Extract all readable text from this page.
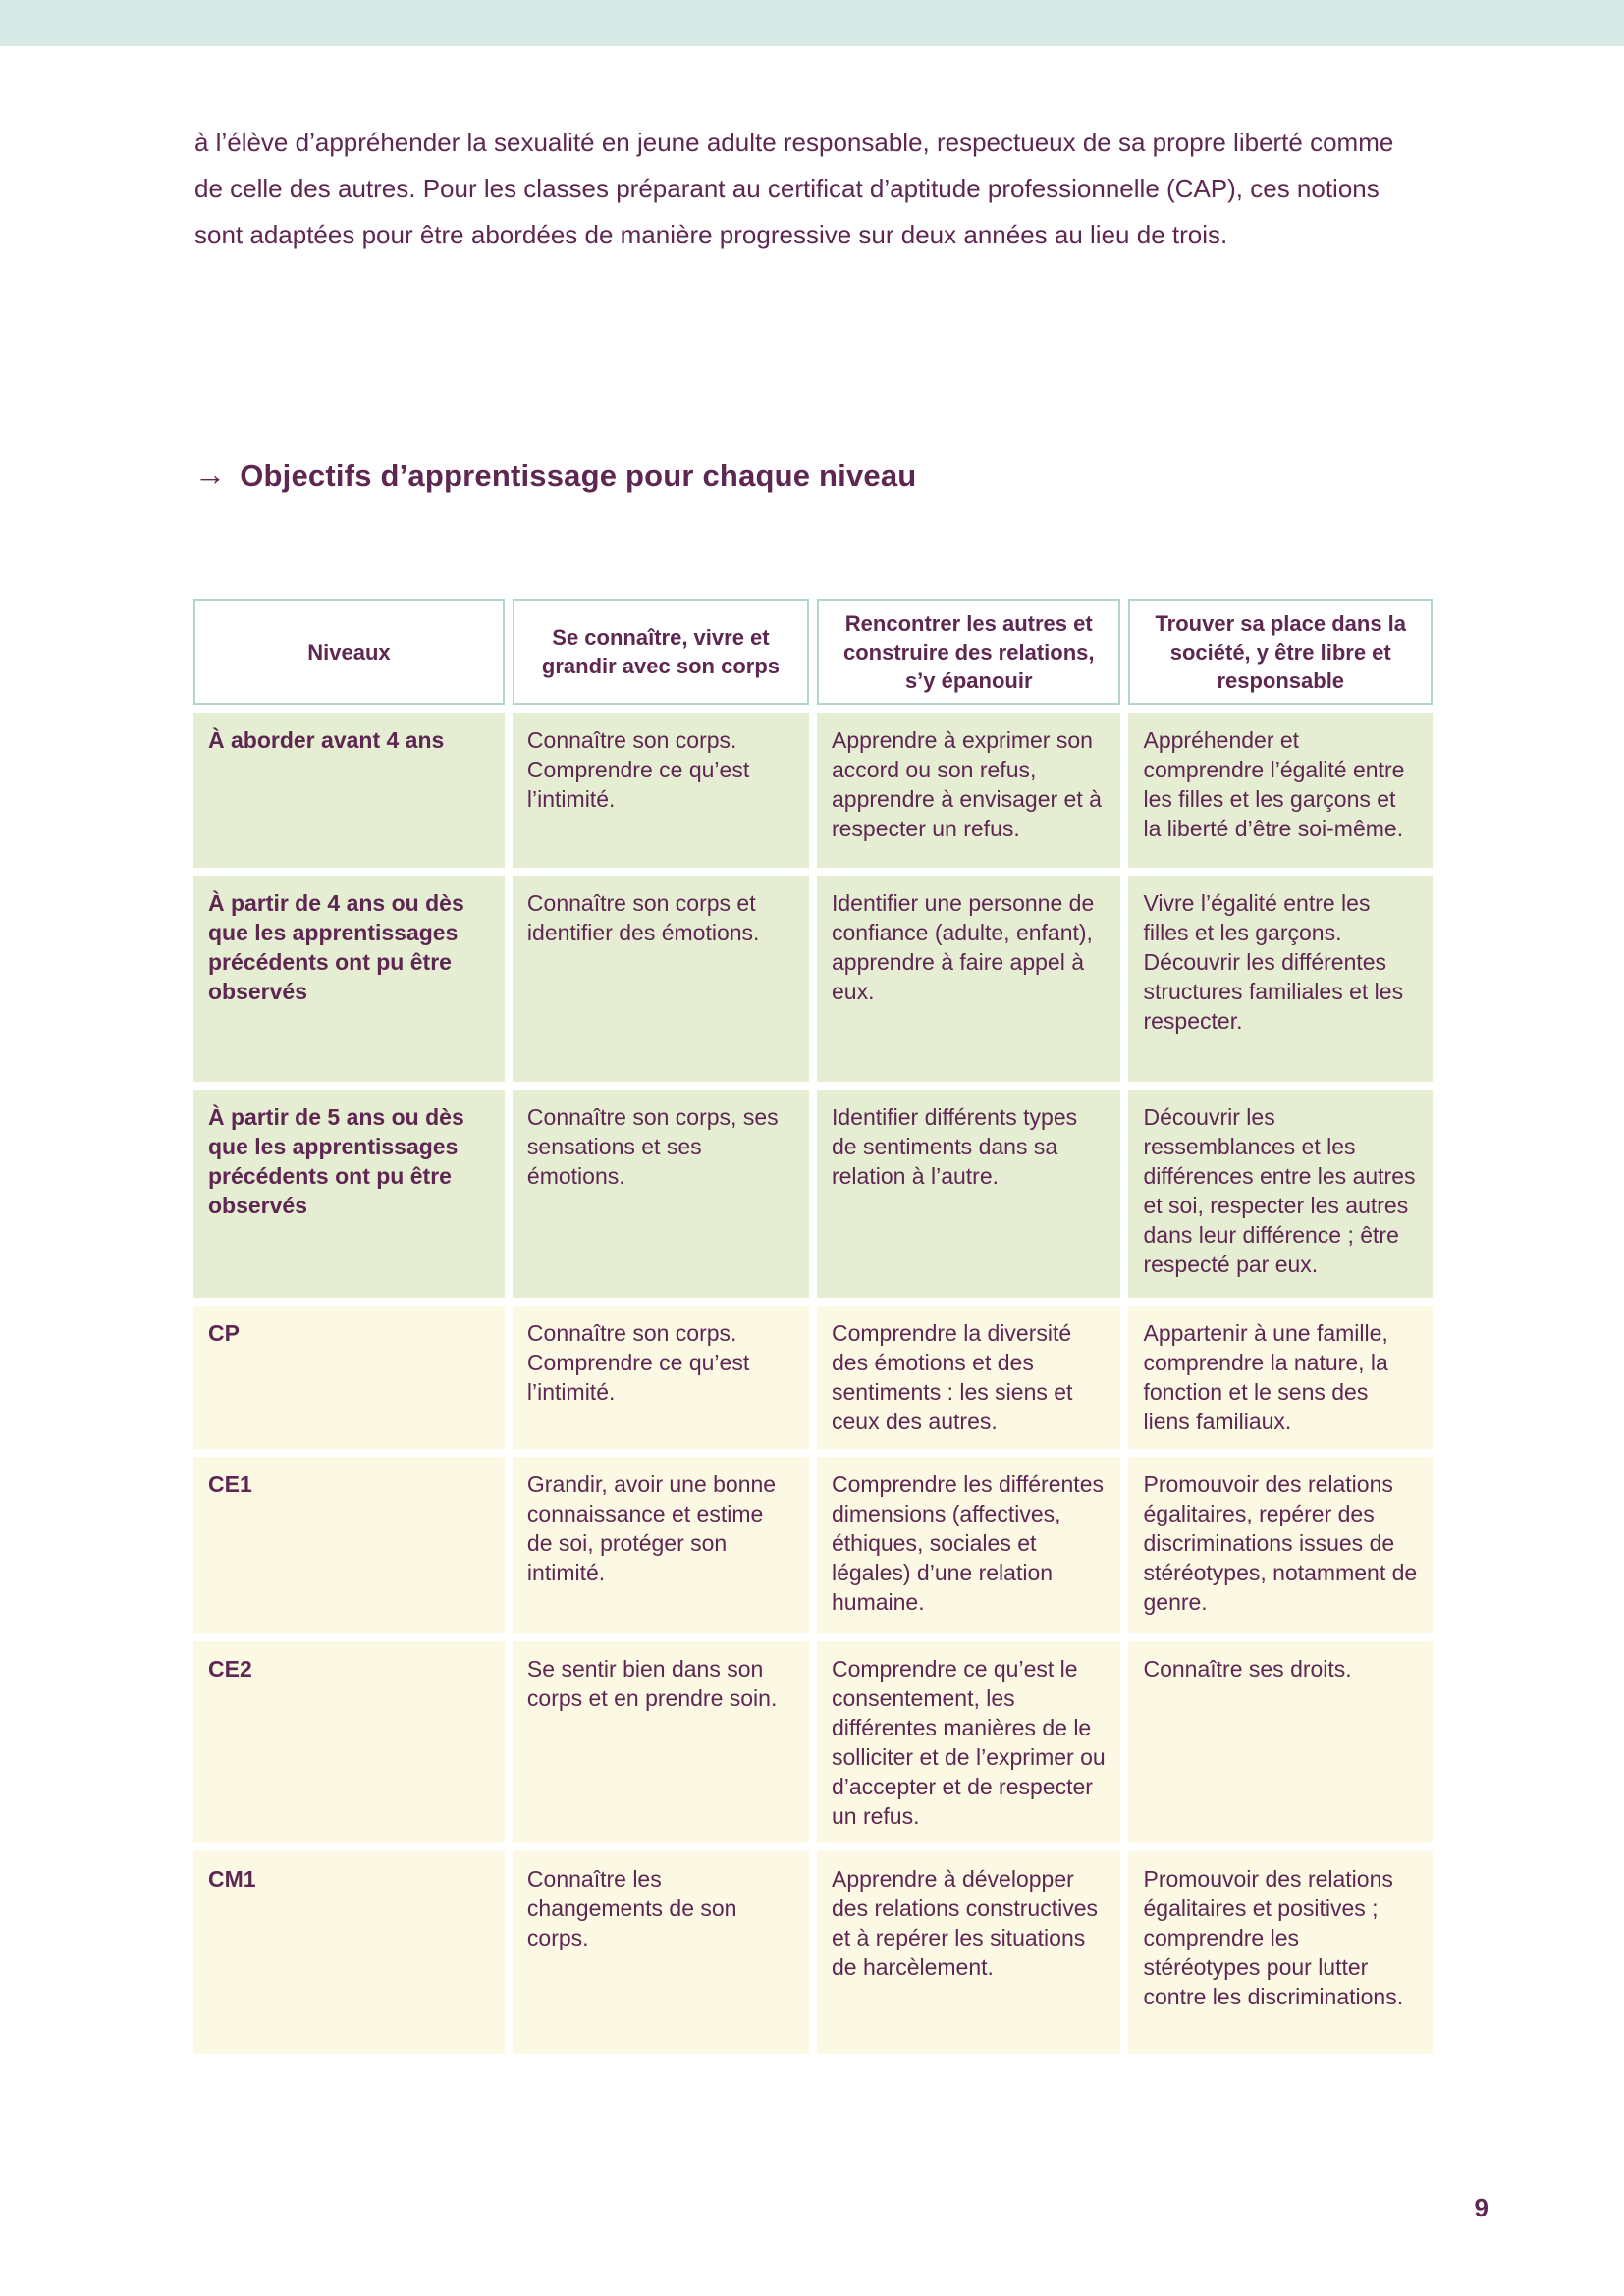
à l’élève d’appréhender la sexualité en jeune adulte responsable, respectueux de sa propre liberté comme de celle des autres. Pour les classes préparant au certificat d’aptitude professionnelle (CAP), ces notions sont adaptées pour être abordées de manière progressive sur deux années au lieu de trois.

→ Objectifs d’apprentissage pour chaque niveau
Niveaux	Se connaître, vivre et grandir avec son corps	Rencontrer les autres et construire des relations, s’y épanouir	Trouver sa place dans la société, y être libre et responsable
À aborder avant 4 ans	Connaître son corps. Comprendre ce qu’est l’intimité.	Apprendre à exprimer son accord ou son refus, apprendre à envisager et à respecter un refus.	Appréhender et comprendre l’égalité entre les filles et les garçons et la liberté d’être soi-même.
À partir de 4 ans ou dès que les apprentissages précédents ont pu être observés	Connaître son corps et identifier des émotions.	Identifier une personne de confiance (adulte, enfant), apprendre à faire appel à eux.	Vivre l’égalité entre les filles et les garçons. Découvrir les différentes structures familiales et les respecter.
À partir de 5 ans ou dès que les apprentissages précédents ont pu être observés	Connaître son corps, ses sensations et ses émotions.	Identifier différents types de sentiments dans sa relation à l’autre.	Découvrir les ressemblances et les différences entre les autres et soi, respecter les autres dans leur différence ; être respecté par eux.
CP	Connaître son corps. Comprendre ce qu’est l’intimité.	Comprendre la diversité des émotions et des sentiments : les siens et ceux des autres.	Appartenir à une famille, comprendre la nature, la fonction et le sens des liens familiaux.
CE1	Grandir, avoir une bonne connaissance et estime de soi, protéger son intimité.	Comprendre les différentes dimensions (affectives, éthiques, sociales et légales) d’une relation humaine.	Promouvoir des relations égalitaires, repérer des discriminations issues de stéréotypes, notamment de genre.
CE2	Se sentir bien dans son corps et en prendre soin.	Comprendre ce qu’est le consentement, les différentes manières de le solliciter et de l’exprimer ou d’accepter et de respecter un refus.	Connaître ses droits.
CM1	Connaître les changements de son corps.	Apprendre à développer des relations constructives et à repérer les situations de harcèlement.	Promouvoir des relations égalitaires et positives ; comprendre les stéréotypes pour lutter contre les discriminations.
9
